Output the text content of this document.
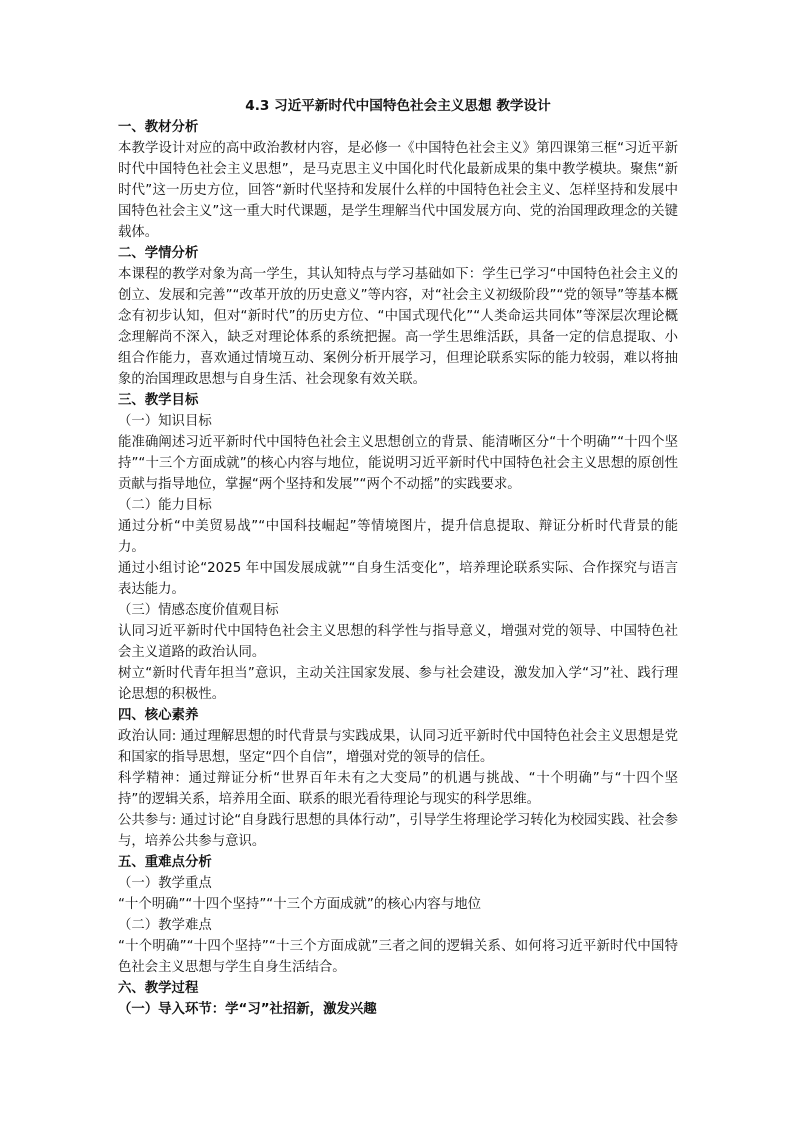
4.3 习近平新时代中国特色社会主义思想 教学设计

一、教材分析

本教学设计对应的高中政治教材内容，是必修一《中国特色社会主义》第四课第三框“习近平新时代中国特色社会主义思想”，是马克思主义中国化时代化最新成果的集中教学模块。聚焦“新时代”这一历史方位，回答“新时代坚持和发展什么样的中国特色社会主义、怎样坚持和发展中国特色社会主义”这一重大时代课题，是学生理解当代中国发展方向、党的治国理政理念的关键载体。

二、学情分析

本课程的教学对象为高一学生，其认知特点与学习基础如下：学生已学习“中国特色社会主义的创立、发展和完善”“改革开放的历史意义”等内容，对“社会主义初级阶段”“党的领导”等基本概念有初步认知，但对“新时代”的历史方位、“中国式现代化”“人类命运共同体”等深层次理论概念理解尚不深入，缺乏对理论体系的系统把握。高一学生思维活跃，具备一定的信息提取、小组合作能力，喜欢通过情境互动、案例分析开展学习，但理论联系实际的能力较弱，难以将抽象的治国理政思想与自身生活、社会现象有效关联。

三、教学目标

（一）知识目标

能准确阐述习近平新时代中国特色社会主义思想创立的背景、能清晰区分“十个明确”“十四个坚持”“十三个方面成就”的核心内容与地位，能说明习近平新时代中国特色社会主义思想的原创性贡献与指导地位，掌握“两个坚持和发展”“两个不动摇”的实践要求。

（二）能力目标

通过分析“中美贸易战”“中国科技崛起”等情境图片，提升信息提取、辩证分析时代背景的能力。

通过小组讨论“2025 年中国发展成就”“自身生活变化”，培养理论联系实际、合作探究与语言表达能力。

（三）情感态度价值观目标

认同习近平新时代中国特色社会主义思想的科学性与指导意义，增强对党的领导、中国特色社会主义道路的政治认同。

树立“新时代青年担当”意识，主动关注国家发展、参与社会建设，激发加入学“习”社、践行理论思想的积极性。

四、核心素养

政治认同: 通过理解思想的时代背景与实践成果，认同习近平新时代中国特色社会主义思想是党和国家的指导思想，坚定“四个自信”，增强对党的领导的信任。

科学精神：通过辩证分析“世界百年未有之大变局”的机遇与挑战、“十个明确”与“十四个坚持”的逻辑关系，培养用全面、联系的眼光看待理论与现实的科学思维。

公共参与: 通过讨论“自身践行思想的具体行动”，引导学生将理论学习转化为校园实践、社会参与，培养公共参与意识。

五、重难点分析

（一）教学重点

“十个明确”“十四个坚持”“十三个方面成就”的核心内容与地位

（二）教学难点

“十个明确”“十四个坚持”“十三个方面成就”三者之间的逻辑关系、如何将习近平新时代中国特色社会主义思想与学生自身生活结合。

六、教学过程

（一）导入环节：学“习”社招新，激发兴趣
